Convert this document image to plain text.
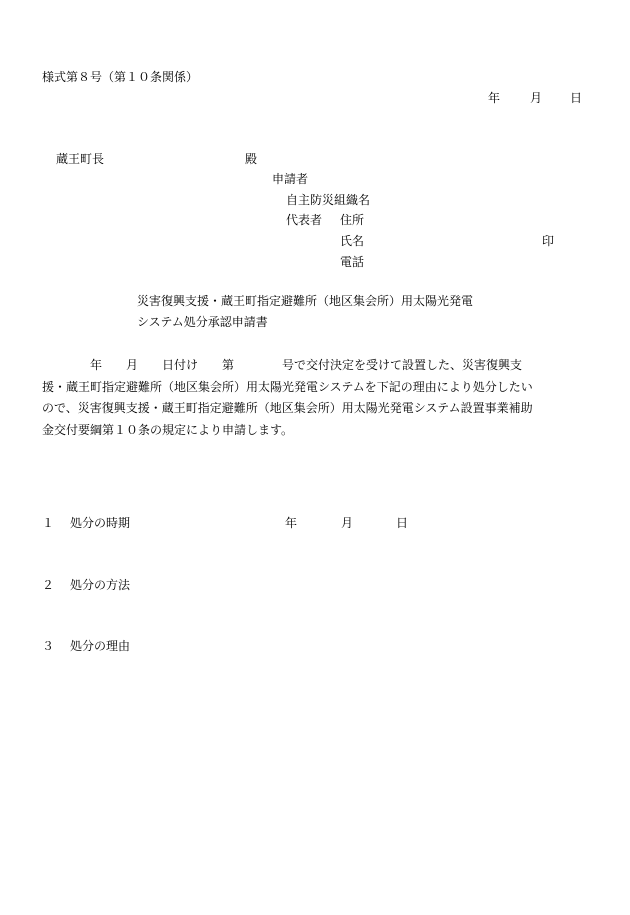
様式第８号（第１０条関係）
年 月 日
蔵王町長	殿
申請者
自主防災組織名
代表者 住所
氏名	印
電話
災害復興支援・蔵王町指定避難所（地区集会所）用太陽光発電
システム処分承認申請書
　　　　年　　月　　日付け　　第　　　　号で交付決定を受けて設置した、災害復興支
援・蔵王町指定避難所（地区集会所）用太陽光発電システムを下記の理由により処分したい
ので、災害復興支援・蔵王町指定避難所（地区集会所）用太陽光発電システム設置事業補助
金交付要綱第１０条の規定により申請します。
１ 処分の時期	年	月	日
２ 処分の方法
３ 処分の理由
